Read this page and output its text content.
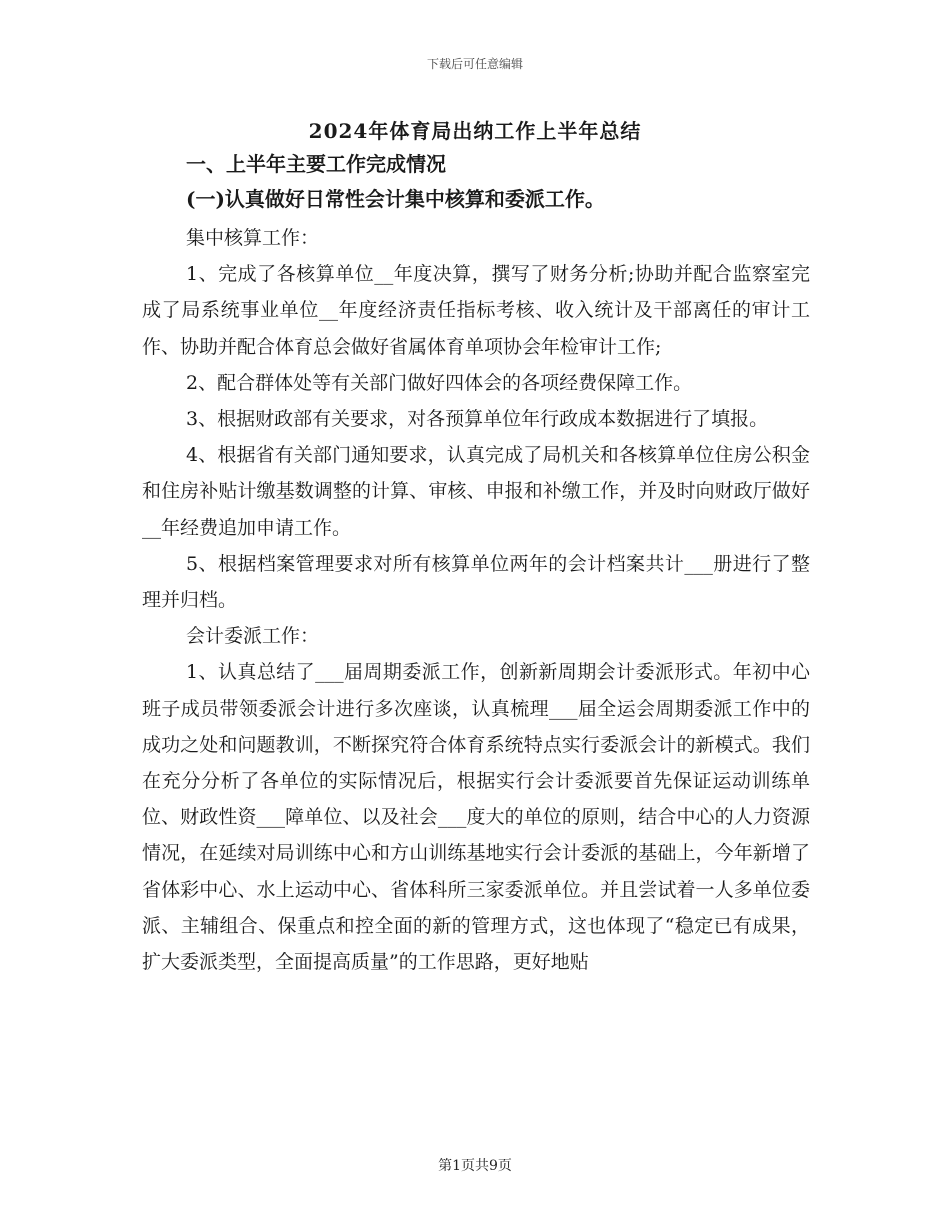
下载后可任意编辑
2024年体育局出纳工作上半年总结

一、上半年主要工作完成情况

(一)认真做好日常性会计集中核算和委派工作。

集中核算工作：

1、完成了各核算单位__年度决算，撰写了财务分析;协助并配合监察室完成了局系统事业单位__年度经济责任指标考核、收入统计及干部离任的审计工作、协助并配合体育总会做好省属体育单项协会年检审计工作;

2、配合群体处等有关部门做好四体会的各项经费保障工作。

3、根据财政部有关要求，对各预算单位年行政成本数据进行了填报。

4、根据省有关部门通知要求，认真完成了局机关和各核算单位住房公积金和住房补贴计缴基数调整的计算、审核、申报和补缴工作，并及时向财政厅做好__年经费追加申请工作。

5、根据档案管理要求对所有核算单位两年的会计档案共计___册进行了整理并归档。

会计委派工作：

1、认真总结了___届周期委派工作，创新新周期会计委派形式。年初中心班子成员带领委派会计进行多次座谈，认真梳理___届全运会周期委派工作中的成功之处和问题教训，不断探究符合体育系统特点实行委派会计的新模式。我们在充分分析了各单位的实际情况后，根据实行会计委派要首先保证运动训练单位、财政性资___障单位、以及社会___度大的单位的原则，结合中心的人力资源情况，在延续对局训练中心和方山训练基地实行会计委派的基础上，今年新增了省体彩中心、水上运动中心、省体科所三家委派单位。并且尝试着一人多单位委派、主辅组合、保重点和控全面的新的管理方式，这也体现了“稳定已有成果，扩大委派类型，全面提高质量”的工作思路，更好地贴

第1页共9页
